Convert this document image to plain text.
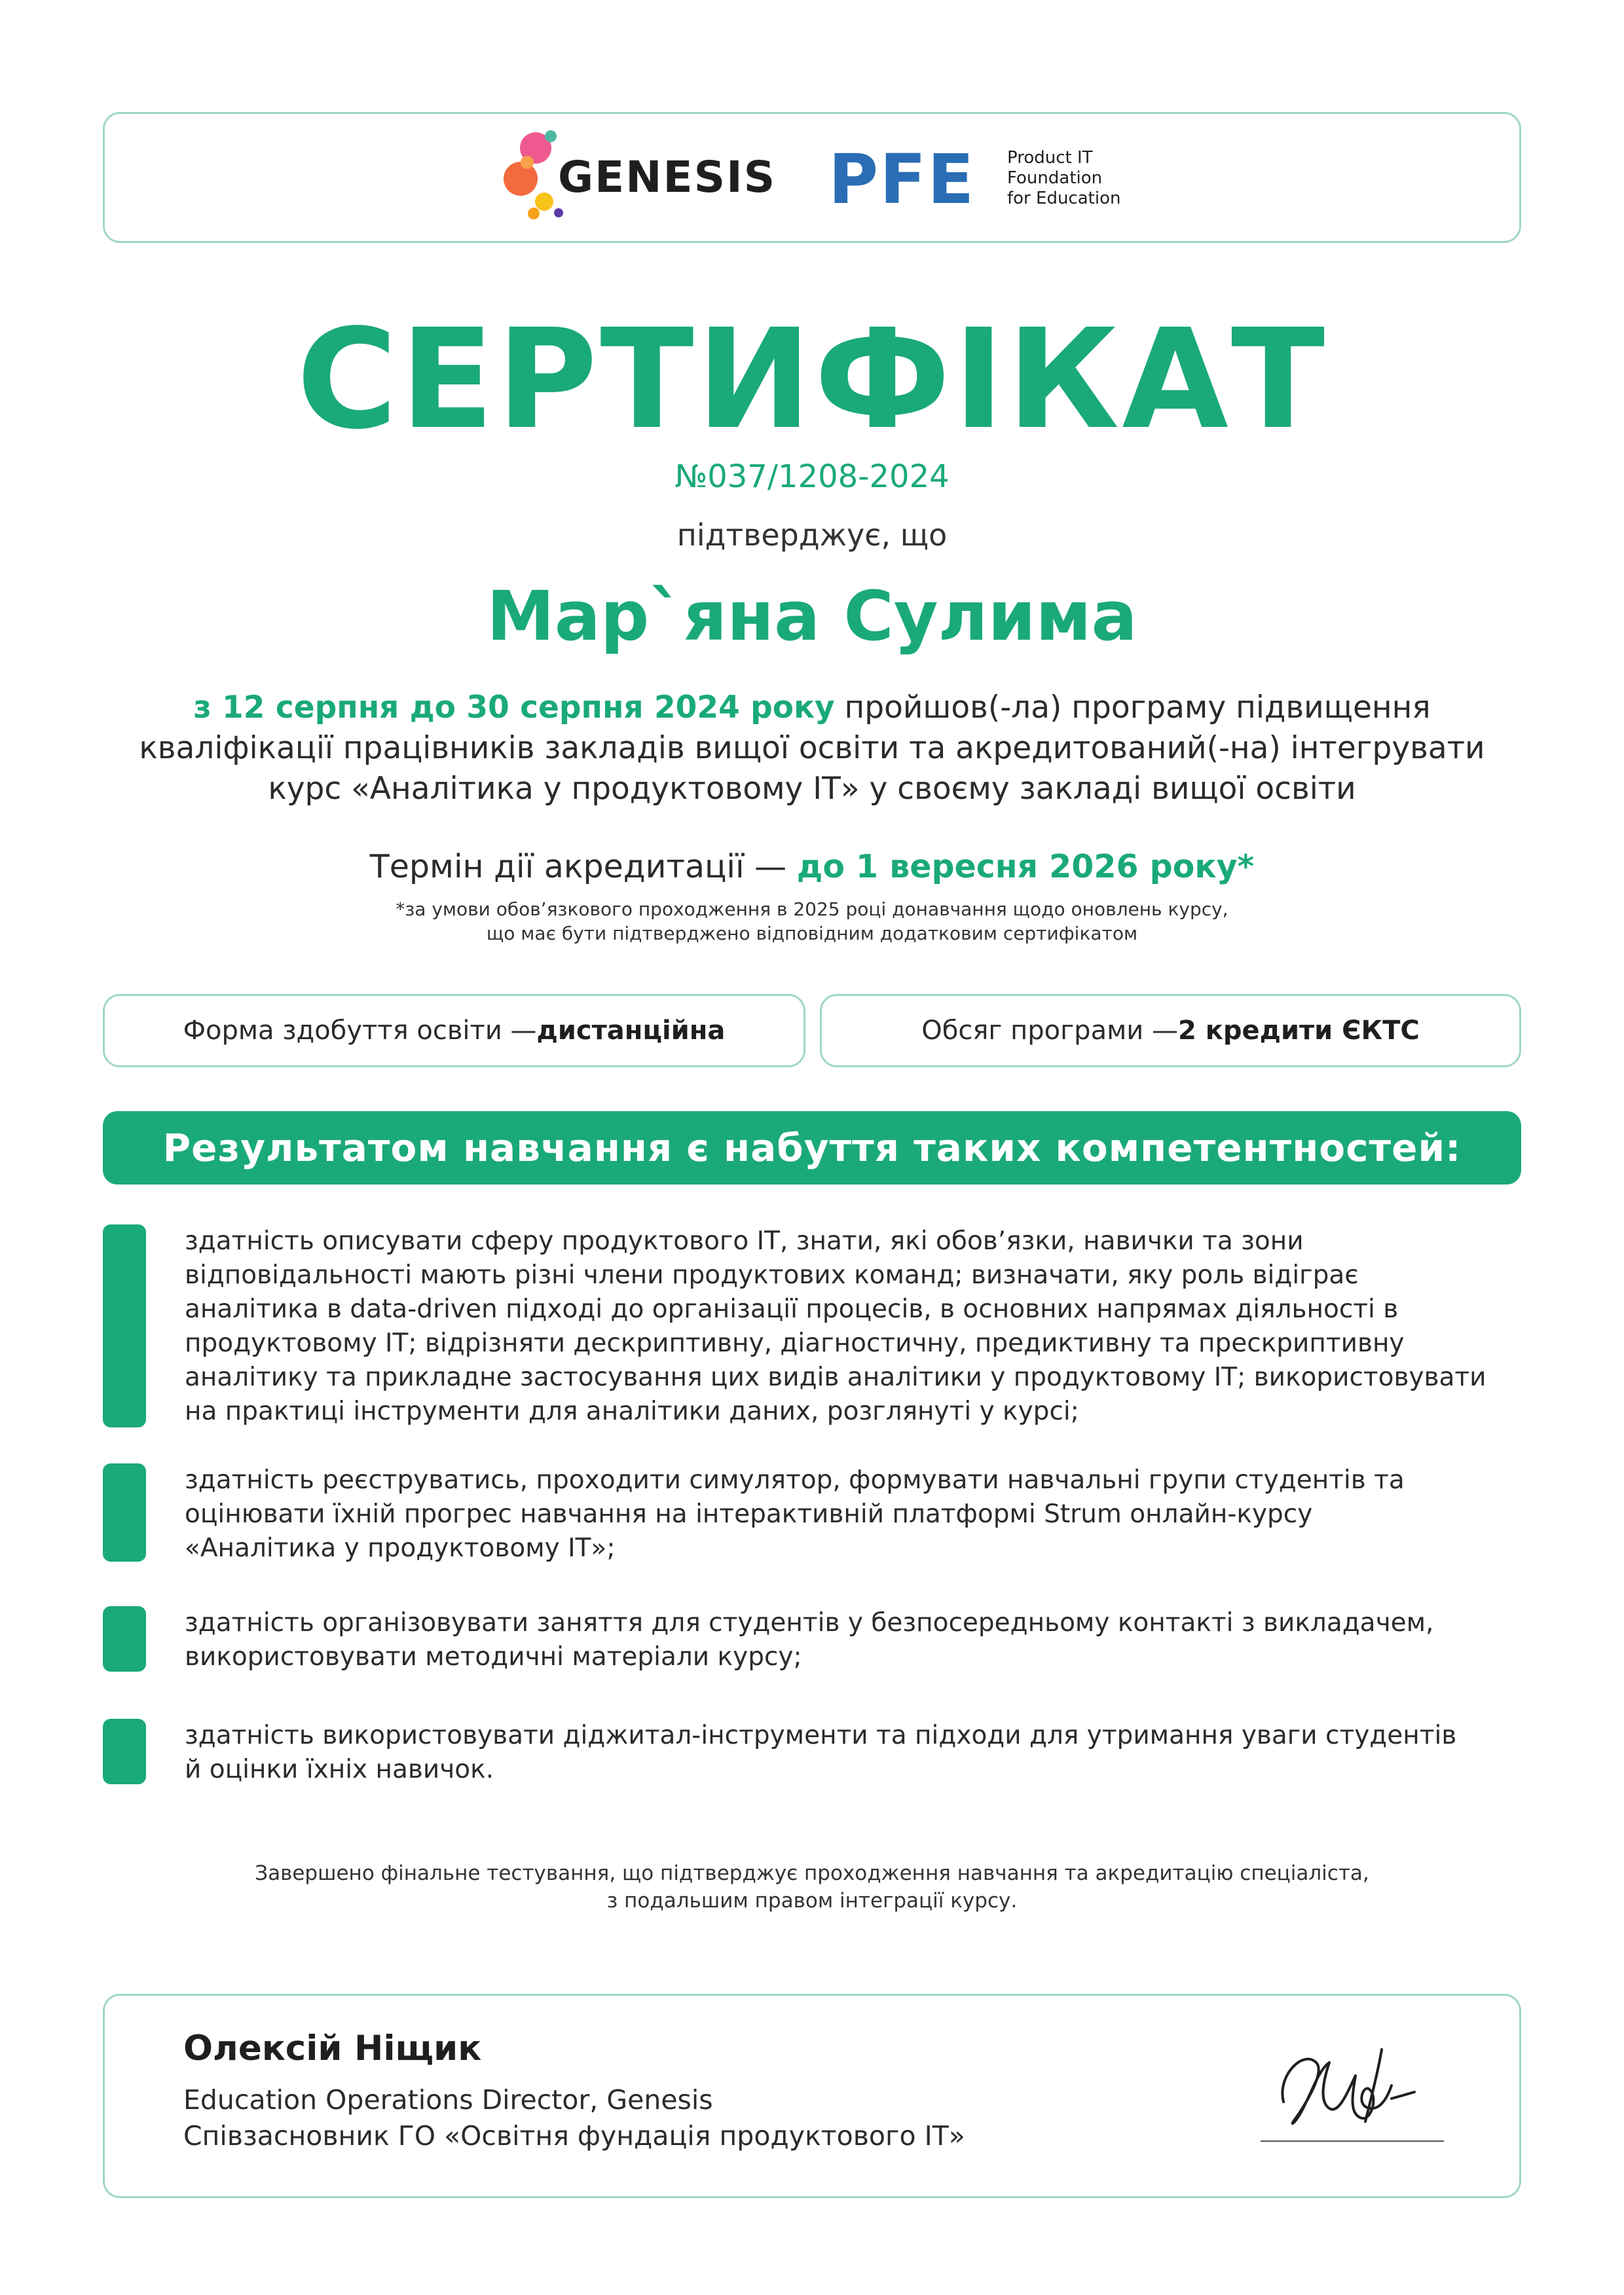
GENESIS PFE Product IT
Foundation
for Education
СЕРТИФІКАТ
№037/1208-2024
підтверджує, що
Мар`яна Сулима
з 12 серпня до 30 серпня 2024 року пройшов(-ла) програму підвищення
кваліфікації працівників закладів вищої освіти та акредитований(-на) інтегрувати
курс «Аналітика у продуктовому ІТ» у своєму закладі вищої освіти
Термін дії акредитації — до 1 вересня 2026 року*
*за умови обов’язкового проходження в 2025 році донавчання щодо оновлень курсу,
що має бути підтверджено відповідним додатковим сертифікатом
Форма здобуття освіти — дистанційна	Обсяг програми — 2 кредити ЄКТС
Результатом навчання є набуття таких компетентностей:
здатність описувати сферу продуктового ІТ, знати, які обов’язки, навички та зони
відповідальності мають різні члени продуктових команд; визначати, яку роль відіграє
аналітика в data-driven підході до організації процесів, в основних напрямах діяльності в
продуктовому ІТ; відрізняти дескриптивну, діагностичну, предиктивну та прескриптивну
аналітику та прикладне застосування цих видів аналітики у продуктовому ІТ; використовувати
на практиці інструменти для аналітики даних, розглянуті у курсі;
здатність реєструватись, проходити симулятор, формувати навчальні групи студентів та
оцінювати їхній прогрес навчання на інтерактивній платформі Strum онлайн-курсу
«Аналітика у продуктовому ІТ»;
здатність організовувати заняття для студентів у безпосередньому контакті з викладачем,
використовувати методичні матеріали курсу;
здатність використовувати діджитал-інструменти та підходи для утримання уваги студентів
й оцінки їхніх навичок.
Завершено фінальне тестування, що підтверджує проходження навчання та акредитацію спеціаліста,
з подальшим правом інтеграції курсу.
Олексій Ніщик
Education Operations Director, Genesis
Співзасновник ГО «Освітня фундація продуктового ІТ»
